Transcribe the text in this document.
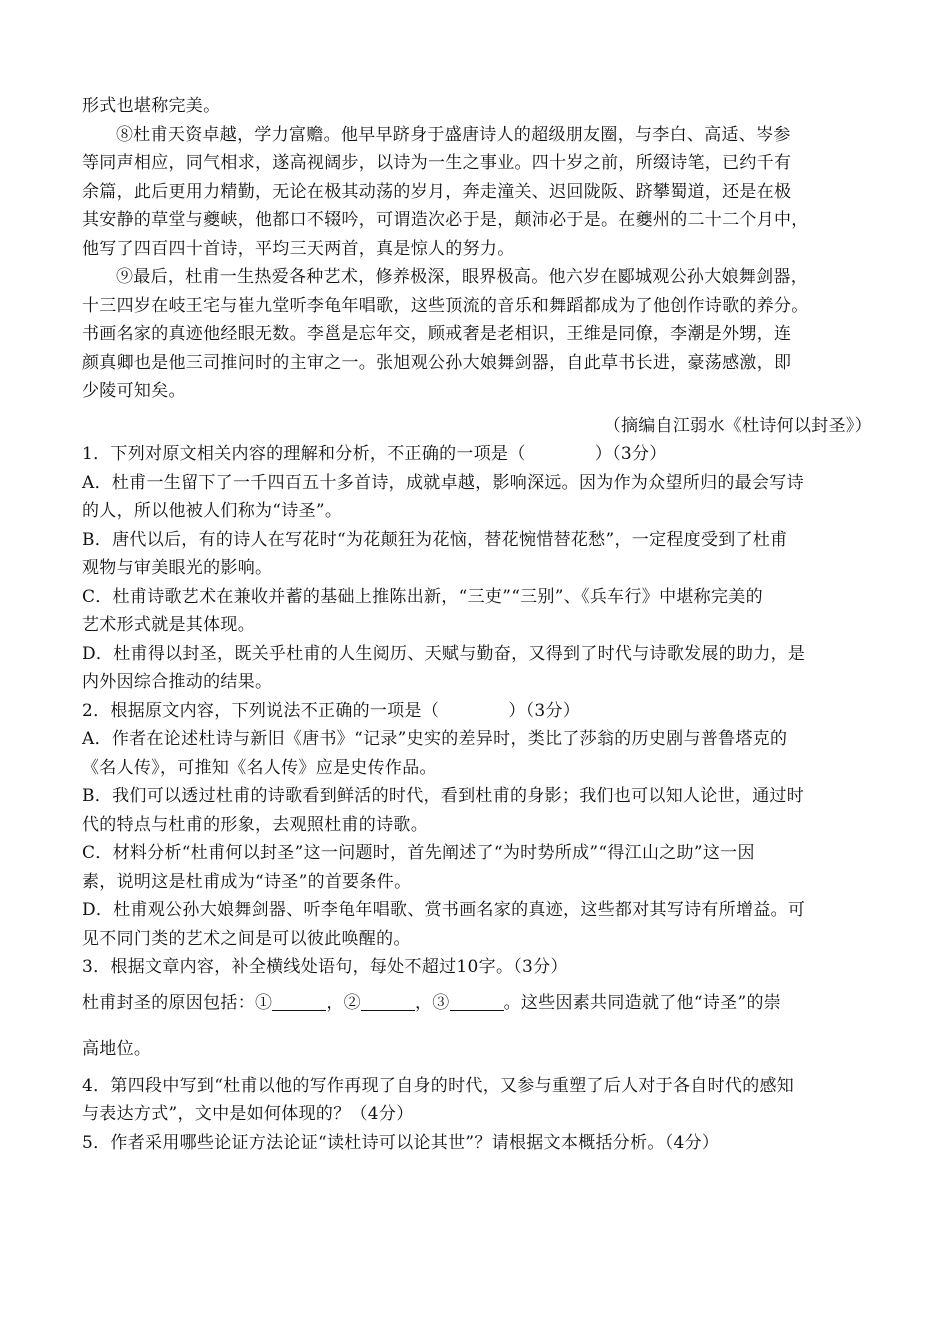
形式也堪称完美。
⑧杜甫天资卓越，学力富赡。他早早跻身于盛唐诗人的超级朋友圈，与李白、高适、岑参
等同声相应，同气相求，遂高视阔步，以诗为一生之事业。四十岁之前，所缀诗笔，已约千有
余篇，此后更用力精勤，无论在极其动荡的岁月，奔走潼关、迟回陇阪、跻攀蜀道，还是在极
其安静的草堂与夔峡，他都口不辍吟，可谓造次必于是，颠沛必于是。在夔州的二十二个月中，
他写了四百四十首诗，平均三天两首，真是惊人的努力。
⑨最后，杜甫一生热爱各种艺术，修养极深，眼界极高。他六岁在郾城观公孙大娘舞剑器，
十三四岁在岐王宅与崔九堂听李龟年唱歌，这些顶流的音乐和舞蹈都成为了他创作诗歌的养分。
书画名家的真迹他经眼无数。李邕是忘年交，顾戒奢是老相识，王维是同僚，李潮是外甥，连
颜真卿也是他三司推问时的主审之一。张旭观公孙大娘舞剑器，自此草书长进，豪荡感激，即
少陵可知矣。
（摘编自江弱水《杜诗何以封圣》）
1．下列对原文相关内容的理解和分析，不正确的一项是（　　　　）（3分）
A．杜甫一生留下了一千四百五十多首诗，成就卓越，影响深远。因为作为众望所归的最会写诗
的人，所以他被人们称为“诗圣”。
B．唐代以后，有的诗人在写花时“为花颠狂为花恼，替花惋惜替花愁”，一定程度受到了杜甫
观物与审美眼光的影响。
C．杜甫诗歌艺术在兼收并蓄的基础上推陈出新，“三吏”“三别”、《兵车行》中堪称完美的
艺术形式就是其体现。
D．杜甫得以封圣，既关乎杜甫的人生阅历、天赋与勤奋，又得到了时代与诗歌发展的助力，是
内外因综合推动的结果。
2．根据原文内容，下列说法不正确的一项是（　　　　）（3分）
A．作者在论述杜诗与新旧《唐书》“记录”史实的差异时，类比了莎翁的历史剧与普鲁塔克的
《名人传》，可推知《名人传》应是史传作品。
B．我们可以透过杜甫的诗歌看到鲜活的时代，看到杜甫的身影；我们也可以知人论世，通过时
代的特点与杜甫的形象，去观照杜甫的诗歌。
C．材料分析“杜甫何以封圣”这一问题时，首先阐述了“为时势所成”“得江山之助”这一因
素，说明这是杜甫成为“诗圣”的首要条件。
D．杜甫观公孙大娘舞剑器、听李龟年唱歌、赏书画名家的真迹，这些都对其写诗有所增益。可
见不同门类的艺术之间是可以彼此唤醒的。
3．根据文章内容，补全横线处语句，每处不超过10字。（3分）
杜甫封圣的原因包括：①	，②	，③	。这些因素共同造就了他“诗圣”的崇
高地位。
4．第四段中写到“杜甫以他的写作再现了自身的时代，又参与重塑了后人对于各自时代的感知
与表达方式”，文中是如何体现的？（4分）
5．作者采用哪些论证方法论证“读杜诗可以论其世”？请根据文本概括分析。（4分）
